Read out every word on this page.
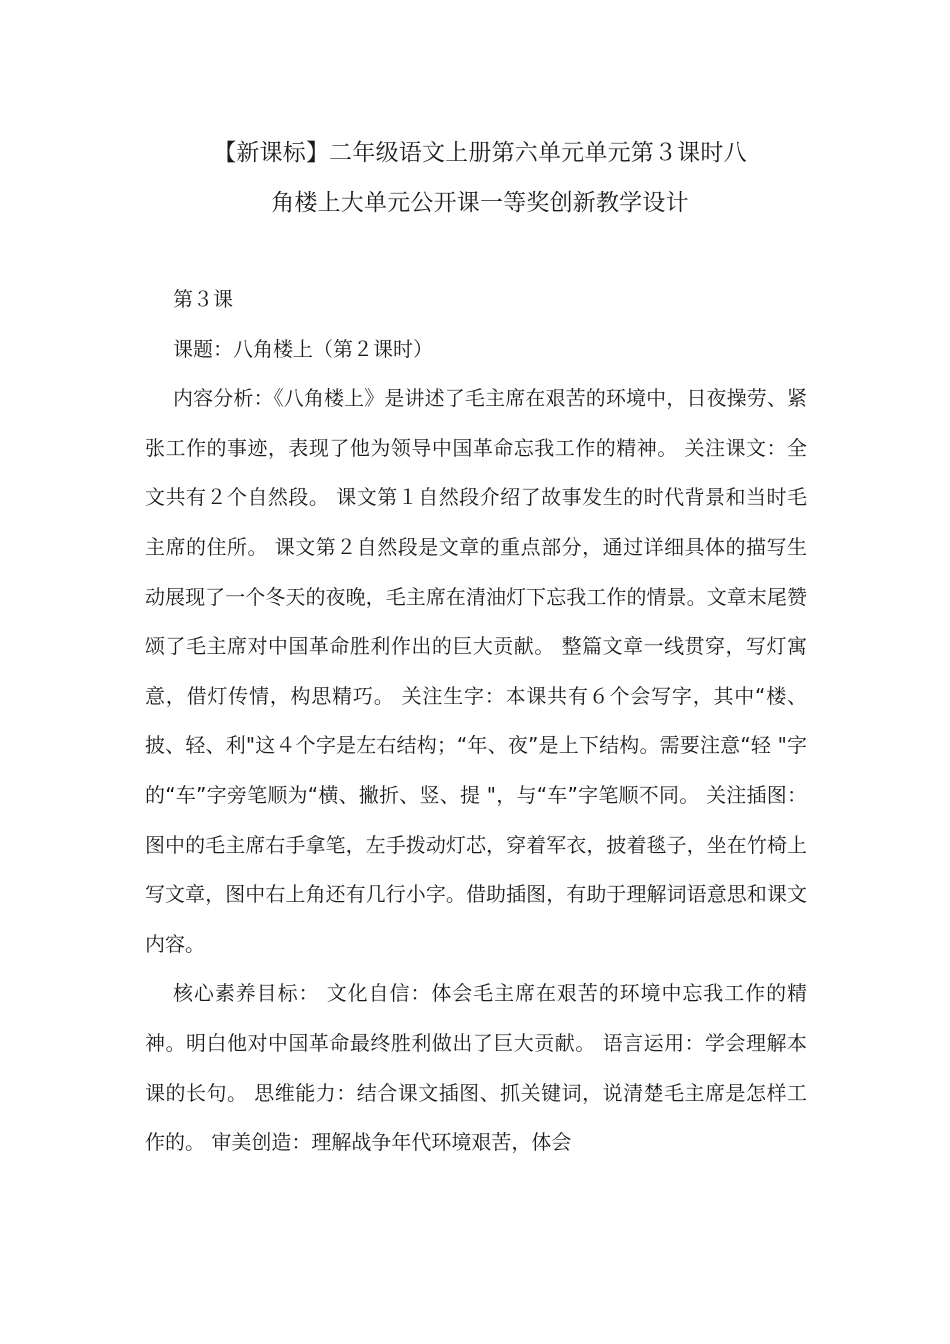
【新课标】二年级语文上册第六单元单元第３课时八
角楼上大单元公开课一等奖创新教学设计

第３课

课题：八角楼上（第２课时）

内容分析：《八角楼上》是讲述了毛主席在艰苦的环境中，日夜操劳、紧张工作的事迹，表现了他为领导中国革命忘我工作的精神。 关注课文：全文共有２个自然段。 课文第１自然段介绍了故事发生的时代背景和当时毛主席的住所。 课文第２自然段是文章的重点部分，通过详细具体的描写生动展现了一个冬天的夜晚，毛主席在清油灯下忘我工作的情景。文章末尾赞颂了毛主席对中国革命胜利作出的巨大贡献。 整篇文章一线贯穿，写灯寓意，借灯传情，构思精巧。 关注生字：本课共有６个会写字，其中“楼、披、轻、利"这４个字是左右结构；“年、夜”是上下结构。需要注意“轻 "字的“车”字旁笔顺为“横、撇折、竖、提 "，与“车”字笔顺不同。 关注插图：图中的毛主席右手拿笔，左手拨动灯芯，穿着军衣，披着毯子，坐在竹椅上写文章，图中右上角还有几行小字。借助插图，有助于理解词语意思和课文内容。

核心素养目标： 文化自信：体会毛主席在艰苦的环境中忘我工作的精神。明白他对中国革命最终胜利做出了巨大贡献。 语言运用：学会理解本课的长句。 思维能力：结合课文插图、抓关键词，说清楚毛主席是怎样工作的。 审美创造：理解战争年代环境艰苦，体会
